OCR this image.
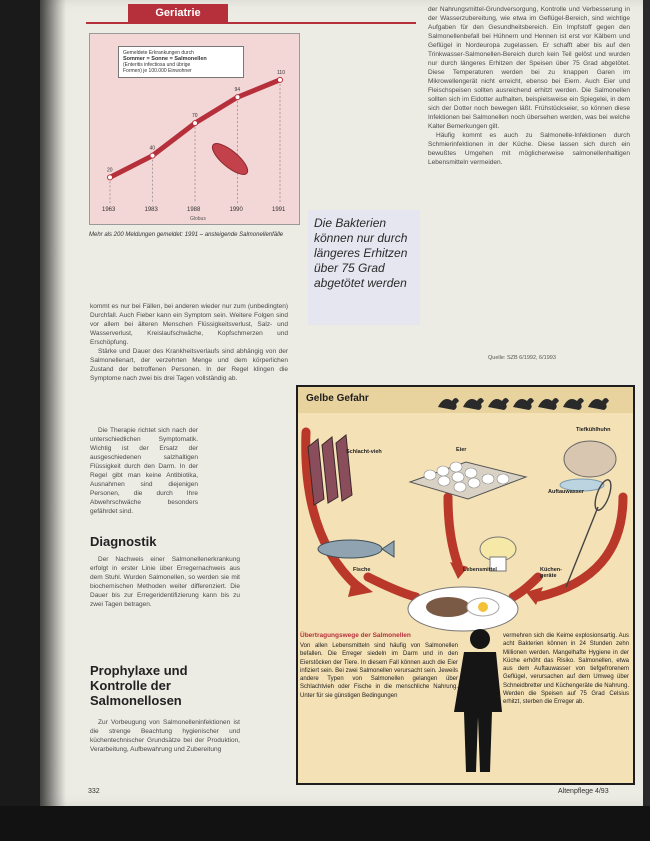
Geriatrie
20
40
70
94
110
1963	1983	1988	1990	1991
Globus
Gemeldete Erkrankungen durch

Sommer = Sonne = Salmonellen
(Enteritis infectiosa und übrige
Formen) je 100.000 Einwohner
Mehr als 200 Meldungen gemeldet: 1991 – ansteigende Salmonellenfälle
Die Bakterien können nur durch längeres Erhitzen über 75 Grad abgetötet werden

der Nahrungsmittel-Grundversorgung, Kontrolle und Verbesserung in der Wasserzubereitung, wie etwa im Geflügel-Bereich, sind wichtige Aufgaben für den Gesundheitsbereich. Ein Impfstoff gegen den Salmonellenbefall bei Hühnern und Hennen ist erst vor Kälbern und Geflügel in Nordeuropa zugelassen. Er schafft aber bis auf den Trinkwasser-Salmonellen-Bereich durch kein Teil gelöst und wurden nur durch längeres Erhitzen der Speisen über 75 Grad abgetötet. Diese Temperaturen werden bei zu knappen Garen im Mikrowellengerät nicht erreicht, ebenso bei Eiern. Auch Eier und Fleischspeisen sollten ausreichend erhitzt werden. Die Salmonellen sollten sich im Eidotter aufhalten, beispielsweise ein Spiegelei, in dem sich der Dotter noch bewegen läßt. Frühstückseier, so können diese Infektionen bei Salmonellen noch übersehen werden, was bei welche Kalter Bemerkungen gilt.

Häufig kommt es auch zu Salmonelle-Infektionen durch Schmierinfektionen in der Küche. Diese lassen sich durch ein bewußtes Umgehen mit möglicherweise salmonellenhaltigen Lebensmitteln vermeiden.

kommt es nur bei Fällen, bei anderen wieder nur zum (unbedingten) Durchfall. Auch Fieber kann ein Symptom sein. Weitere Folgen sind vor allem bei älteren Menschen Flüssigkeitsverlust, Salz- und Wasserverlust, Kreislaufschwäche, Kopfschmerzen und Erschöpfung.

Stärke und Dauer des Krankheitsverlaufs sind abhängig von der Salmonellenart, der verzehrten Menge und dem körperlichen Zustand der betroffenen Personen. In der Regel klingen die Symptome nach zwei bis drei Tagen vollständig ab.

Die Therapie richtet sich nach der unterschiedlichen Symptomatik. Wichtig ist der Ersatz der ausgeschiedenen salzhaltigen Flüssigkeit durch den Darm. In der Regel gibt man keine Antibiotika, Ausnahmen sind diejenigen Personen, die durch Ihre Abwehrschwäche besonders gefährdet sind.

Diagnostik

Der Nachweis einer Salmonellenerkrankung erfolgt in erster Linie über Erregernachweis aus dem Stuhl. Wurden Salmonellen, so werden sie mit biochemischen Methoden weiter differenziert. Die Dauer bis zur Erregeridentifizierung kann bis zu zwei Tagen betragen.

Prophylaxe und Kontrolle der Salmonellosen

Zur Vorbeugung von Salmonelleninfektionen ist die strenge Beachtung hygienischer und küchentechnischer Grundsätze bei der Produktion, Verarbeitung, Aufbewahrung und Zubereitung

Quelle: SZB 6/1992, 6/1993
Gelbe Gefahr
Schlacht-vieh	Eier
Tiefkühlhuhn
Auftauwasser
Fische	Lebensmittel	Küchen-geräte
Übertragungswege der Salmonellen
Von allen Lebensmitteln sind häufig von Salmonellen befallen. Die Erreger siedeln im Darm und in den Eierstöcken der Tiere. In diesem Fall können auch die Eier infiziert sein. Bei zwei Salmonellen verursacht sein. Jeweils andere Typen von Salmonellen gelangen über Schlachtvieh oder Fische in die menschliche Nahrung. Unter für sie günstigen Bedingungen
vermehren sich die Keime explosionsartig. Aus acht Bakterien können in 24 Stunden zehn Millionen werden. Mangelhafte Hygiene in der Küche erhöht das Risiko. Salmonellen, etwa aus dem Auftauwasser von tiefgefrorenem Geflügel, verursachen auf dem Umweg über Schneidbretter und Küchengeräte die Nahrung. Werden die Speisen auf 75 Grad Celsius erhitzt, sterben die Erreger ab.
332	Altenpflege 4/93
